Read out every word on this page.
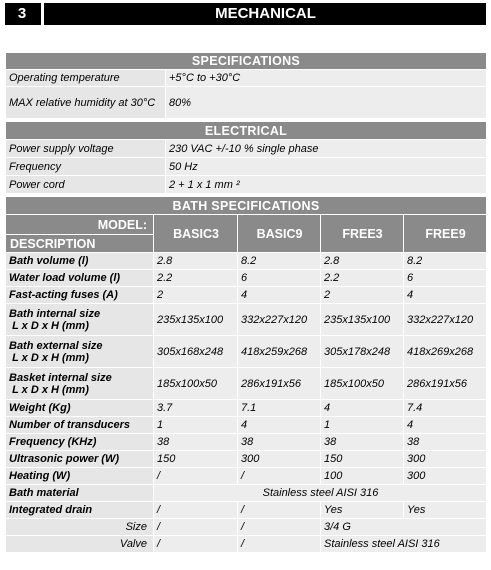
3	MECHANICAL
SPECIFICATIONS	
Operating temperature	+5°C to +30°C
MAX relative humidity at 30°C	80%
ELECTRICAL	
Power supply voltage	230 VAC +/-10 % single phase
Frequency	50 Hz
Power cord	2 + 1 x 1 mm ²
BATH SPECIFICATIONS				
MODEL:	BASIC3	BASIC9	FREE3	FREE9
DESCRIPTION				
Bath volume (l)	2.8	8.2	2.8	8.2
Water load volume (l)	2.2	6	2.2	6
Fast-acting fuses (A)	2	4	2	4
Bath internal size
L x D x H (mm)	235x135x100	332x227x120	235x135x100	332x227x120
Bath external size
L x D x H (mm)	305x168x248	418x259x268	305x178x248	418x269x268
Basket internal size
L x D x H (mm)	185x100x50	286x191x56	185x100x50	286x191x56
Weight (Kg)	3.7	7.1	4	7.4
Number of transducers	1	4	1	4
Frequency (KHz)	38	38	38	38
Ultrasonic power (W)	150	300	150	300
Heating (W)	/	/	100	300
Bath material	Stainless steel AISI 316			
Integrated drain	/	/	Yes	Yes
Size	/	/	3/4 G	
Valve	/	/	Stainless steel AISI 316	
